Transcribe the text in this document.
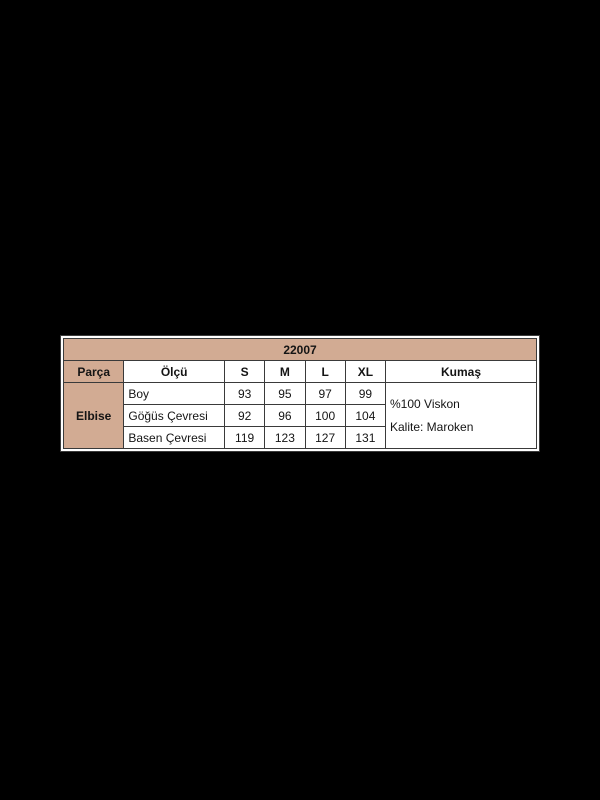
22007						
Parça	Ölçü	S	M	L	XL	Kumaş
Elbise	Boy	93	95	97	99	%100 Viskon
Kalite: Maroken

	Göğüs Çevresi	92	96	100	104	
	Basen Çevresi	119	123	127	131	
